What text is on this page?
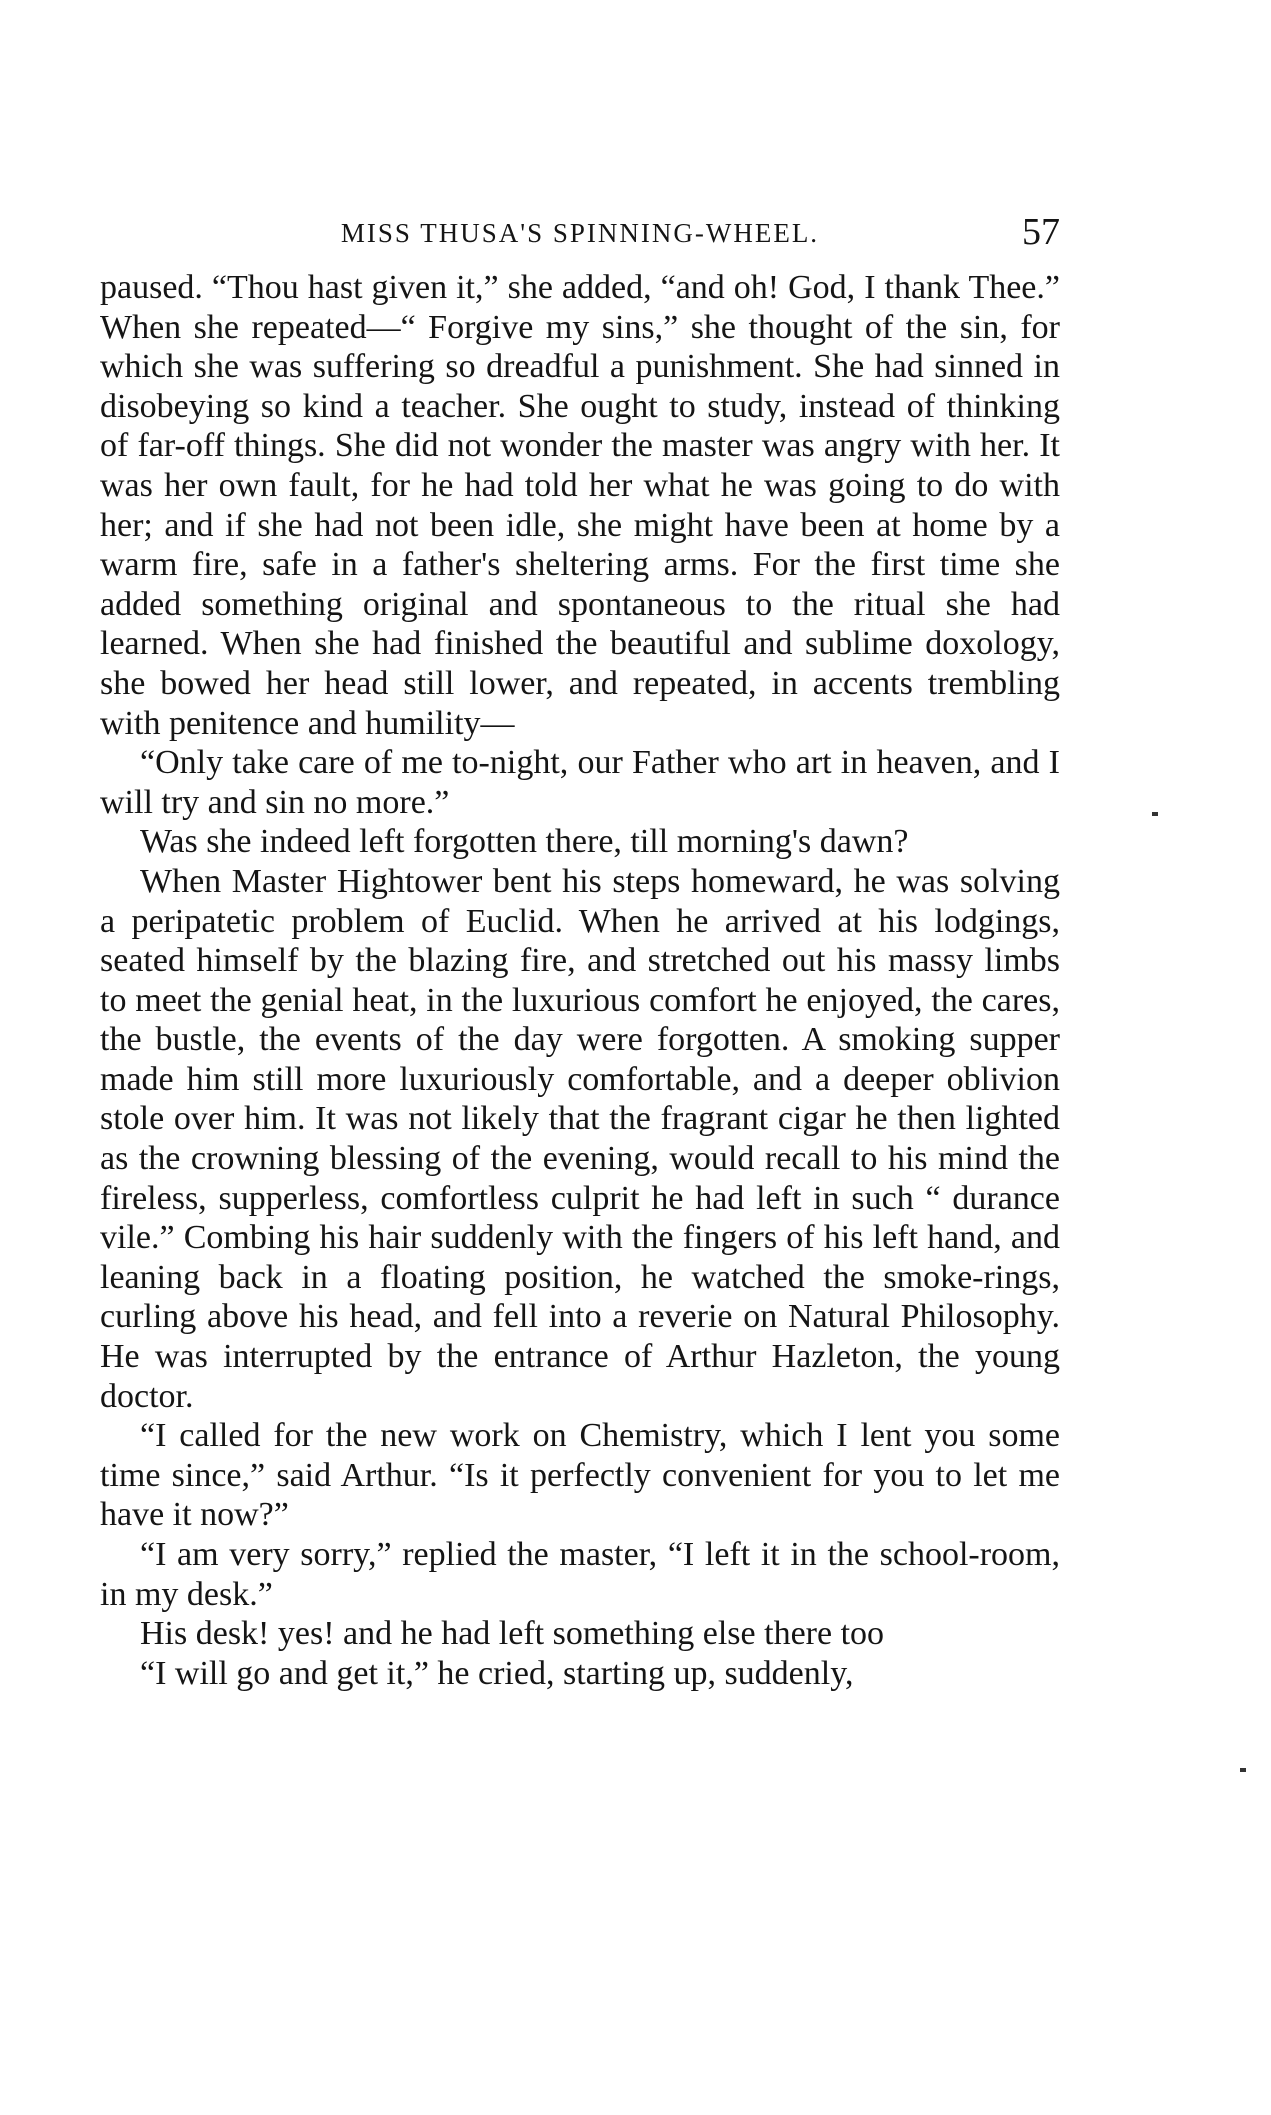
MISS THUSA'S SPINNING-WHEEL.	57

paused. “Thou hast given it,” she added, “and oh! God, I thank Thee.” When she repeated—“ Forgive my sins,” she thought of the sin, for which she was suffering so dreadful a punishment. She had sinned in disobeying so kind a teacher. She ought to study, instead of thinking of far-off things. She did not wonder the master was angry with her. It was her own fault, for he had told her what he was going to do with her; and if she had not been idle, she might have been at home by a warm fire, safe in a father's sheltering arms. For the first time she added something original and spontaneous to the ritual she had learned. When she had finished the beautiful and sublime doxology, she bowed her head still lower, and repeated, in accents trembling with penitence and humility—

“Only take care of me to-night, our Father who art in heaven, and I will try and sin no more.”

Was she indeed left forgotten there, till morning's dawn?

When Master Hightower bent his steps homeward, he was solving a peripatetic problem of Euclid. When he arrived at his lodgings, seated himself by the blazing fire, and stretched out his massy limbs to meet the genial heat, in the luxurious comfort he enjoyed, the cares, the bustle, the events of the day were forgotten. A smoking supper made him still more luxuriously comfortable, and a deeper oblivion stole over him. It was not likely that the fragrant cigar he then lighted as the crowning blessing of the evening, would recall to his mind the fireless, supperless, comfortless culprit he had left in such “ durance vile.” Combing his hair suddenly with the fingers of his left hand, and leaning back in a floating position, he watched the smoke-rings, curling above his head, and fell into a reverie on Natural Philosophy. He was interrupted by the entrance of Arthur Hazleton, the young doctor.

“I called for the new work on Chemistry, which I lent you some time since,” said Arthur. “Is it perfectly convenient for you to let me have it now?”

“I am very sorry,” replied the master, “I left it in the school-room, in my desk.”

His desk! yes! and he had left something else there too

“I will go and get it,” he cried, starting up, suddenly,
